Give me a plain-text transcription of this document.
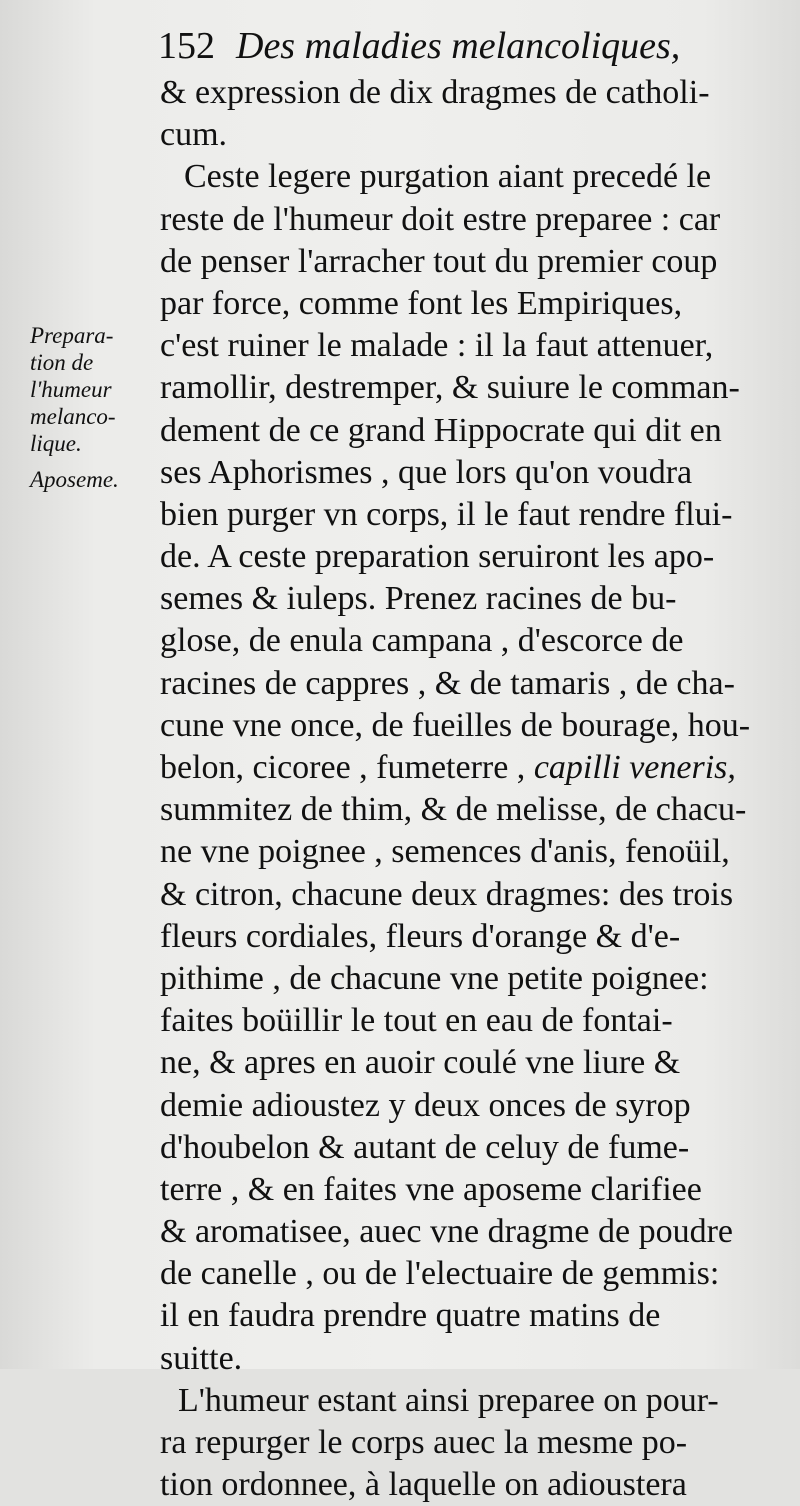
152 Des maladies melancoliques,
Prepara-
tion de
l'humeur
melanco-
lique.
Aposeme.
& expression de dix dragmes de catholi-
cum.
Ceste legere purgation aiant precedé le
reste de l'humeur doit estre preparee : car
de penser l'arracher tout du premier coup
par force, comme font les Empiriques,
c'est ruiner le malade : il la faut attenuer,
ramollir, destremper, & suiure le comman-
dement de ce grand Hippocrate qui dit en
ses Aphorismes , que lors qu'on voudra
bien purger vn corps, il le faut rendre flui-
de. A ceste preparation seruiront les apo-
semes & iuleps. Prenez racines de bu-
glose, de enula campana , d'escorce de
racines de cappres , & de tamaris , de cha-
cune vne once, de fueilles de bourage, hou-
belon, cicoree , fumeterre , capilli veneris,
summitez de thim, & de melisse, de chacu-
ne vne poignee , semences d'anis, fenoüil,
& citron, chacune deux dragmes: des trois
fleurs cordiales, fleurs d'orange & d'e-
pithime , de chacune vne petite poignee:
faites boüillir le tout en eau de fontai-
ne, & apres en auoir coulé vne liure &
demie adioustez y deux onces de syrop
d'houbelon & autant de celuy de fume-
terre , & en faites vne aposeme clarifiee
& aromatisee, auec vne dragme de poudre
de canelle , ou de l'electuaire de gemmis:
il en faudra prendre quatre matins de
suitte.
L'humeur estant ainsi preparee on pour-
ra repurger le corps auec la mesme po-
tion ordonnee, à laquelle on adioustera
